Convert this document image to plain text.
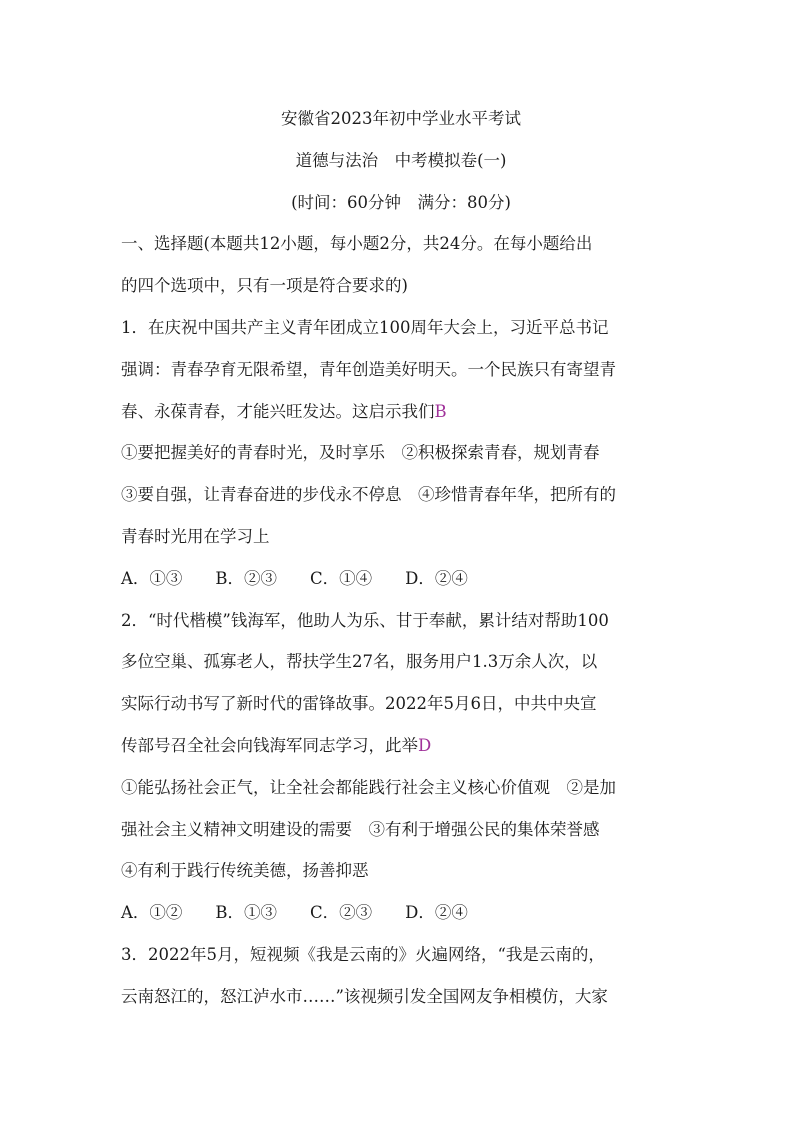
安徽省2023年初中学业水平考试
道德与法治　中考模拟卷(一)
(时间：60分钟　满分：80分)
一、选择题(本题共12小题，每小题2分，共24分。在每小题给出
的四个选项中，只有一项是符合要求的)
1．在庆祝中国共产主义青年团成立100周年大会上，习近平总书记
强调：青春孕育无限希望，青年创造美好明天。一个民族只有寄望青
春、永葆青春，才能兴旺发达。这启示我们B
①要把握美好的青春时光，及时享乐　②积极探索青春，规划青春
③要自强，让青春奋进的步伐永不停息　④珍惜青春年华，把所有的
青春时光用在学习上
A．①③　　B．②③　　C．①④　　D．②④
2．“时代楷模”钱海军，他助人为乐、甘于奉献，累计结对帮助100
多位空巢、孤寡老人，帮扶学生27名，服务用户1.3万余人次，以
实际行动书写了新时代的雷锋故事。2022年5月6日，中共中央宣
传部号召全社会向钱海军同志学习，此举D
①能弘扬社会正气，让全社会都能践行社会主义核心价值观　②是加
强社会主义精神文明建设的需要　③有利于增强公民的集体荣誉感
④有利于践行传统美德，扬善抑恶
A．①②　　B．①③　　C．②③　　D．②④
3．2022年5月，短视频《我是云南的》火遍网络，“我是云南的，
云南怒江的，怒江泸水市……”该视频引发全国网友争相模仿，大家
